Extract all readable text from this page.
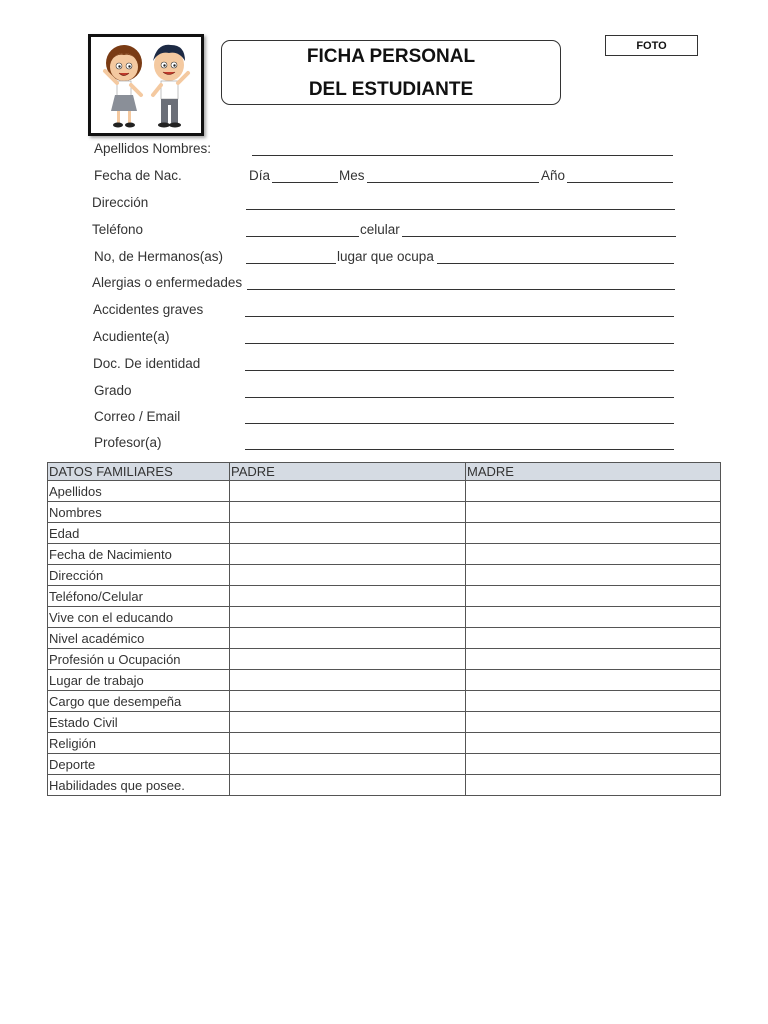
FICHA PERSONAL
DEL ESTUDIANTE
FOTO
Apellidos Nombres:
Fecha de Nac.	Día	Mes	Año
Dirección
Teléfono	celular
No, de Hermanos(as)	lugar que ocupa
Alergias o enfermedades
Accidentes graves
Acudiente(a)
Doc. De identidad
Grado
Correo / Email
Profesor(a)
DATOS FAMILIARES	PADRE	MADRE
Apellidos		
Nombres		
Edad		
Fecha de Nacimiento		
Dirección		
Teléfono/Celular		
Vive con el educando		
Nivel académico		
Profesión u Ocupación		
Lugar de trabajo		
Cargo que desempeña		
Estado Civil		
Religión		
Deporte		
Habilidades que posee.		
